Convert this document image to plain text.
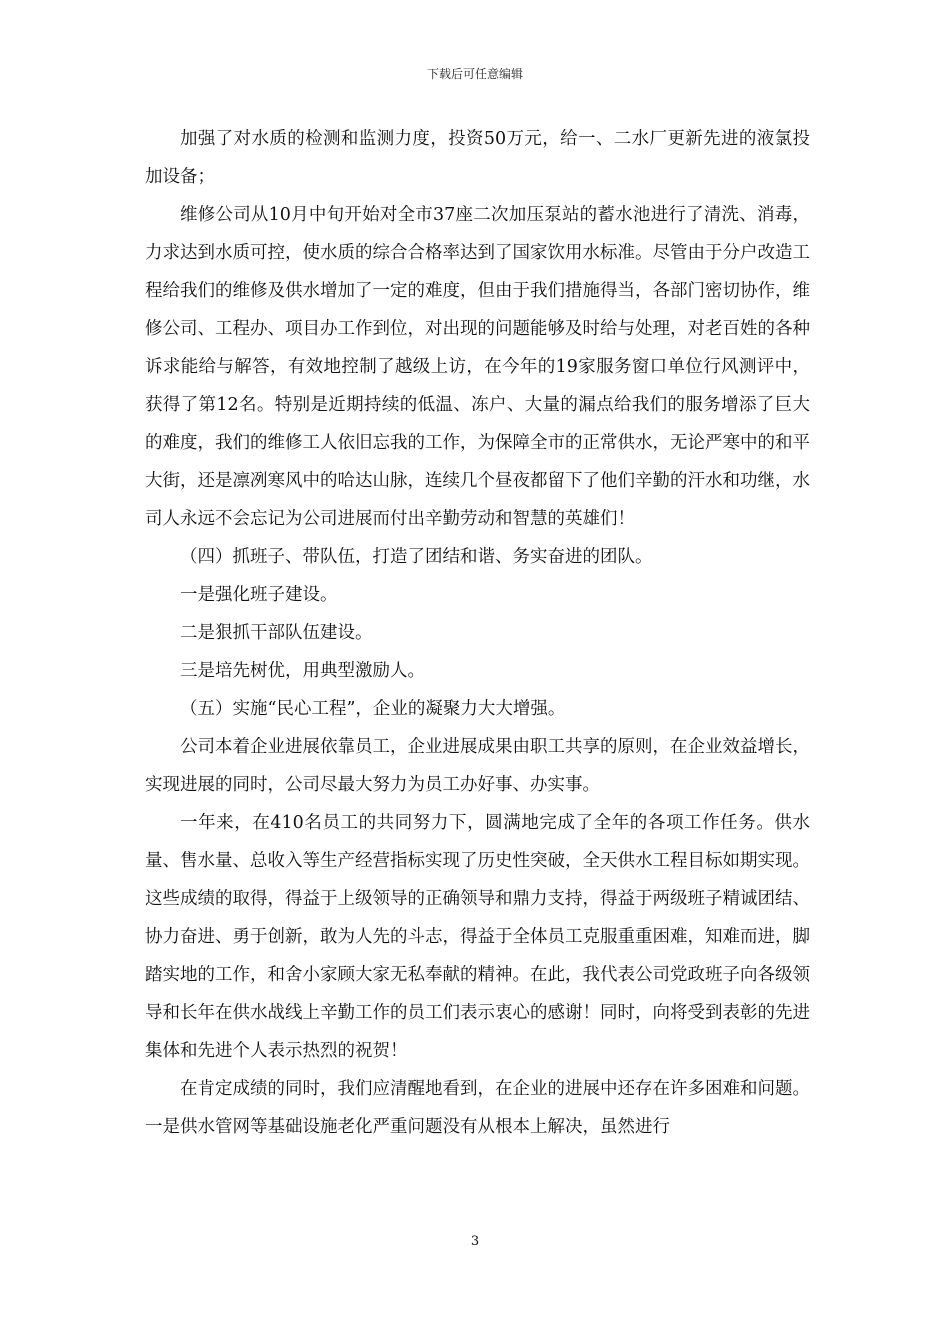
下载后可任意编辑

加强了对水质的检测和监测力度，投资50万元，给一、二水厂更新先进的液氯投加设备；

维修公司从10月中旬开始对全市37座二次加压泵站的蓄水池进行了清洗、消毒，力求达到水质可控，使水质的综合合格率达到了国家饮用水标准。尽管由于分户改造工程给我们的维修及供水增加了一定的难度，但由于我们措施得当，各部门密切协作，维修公司、工程办、项目办工作到位，对出现的问题能够及时给与处理，对老百姓的各种诉求能给与解答，有效地控制了越级上访，在今年的19家服务窗口单位行风测评中，获得了第12名。特别是近期持续的低温、冻户、大量的漏点给我们的服务增添了巨大的难度，我们的维修工人依旧忘我的工作，为保障全市的正常供水，无论严寒中的和平大街，还是凛冽寒风中的哈达山脉，连续几个昼夜都留下了他们辛勤的汗水和功继，水司人永远不会忘记为公司进展而付出辛勤劳动和智慧的英雄们！

（四）抓班子、带队伍，打造了团结和谐、务实奋进的团队。

一是强化班子建设。

二是狠抓干部队伍建设。

三是培先树优，用典型激励人。

（五）实施“民心工程”，企业的凝聚力大大增强。

公司本着企业进展依靠员工，企业进展成果由职工共享的原则，在企业效益增长，实现进展的同时，公司尽最大努力为员工办好事、办实事。

一年来，在410名员工的共同努力下，圆满地完成了全年的各项工作任务。供水量、售水量、总收入等生产经营指标实现了历史性突破，全天供水工程目标如期实现。这些成绩的取得，得益于上级领导的正确领导和鼎力支持，得益于两级班子精诚团结、协力奋进、勇于创新，敢为人先的斗志，得益于全体员工克服重重困难，知难而进，脚踏实地的工作，和舍小家顾大家无私奉献的精神。在此，我代表公司党政班子向各级领导和长年在供水战线上辛勤工作的员工们表示衷心的感谢！同时，向将受到表彰的先进集体和先进个人表示热烈的祝贺！

在肯定成绩的同时，我们应清醒地看到，在企业的进展中还存在许多困难和问题。一是供水管网等基础设施老化严重问题没有从根本上解决，虽然进行

3
